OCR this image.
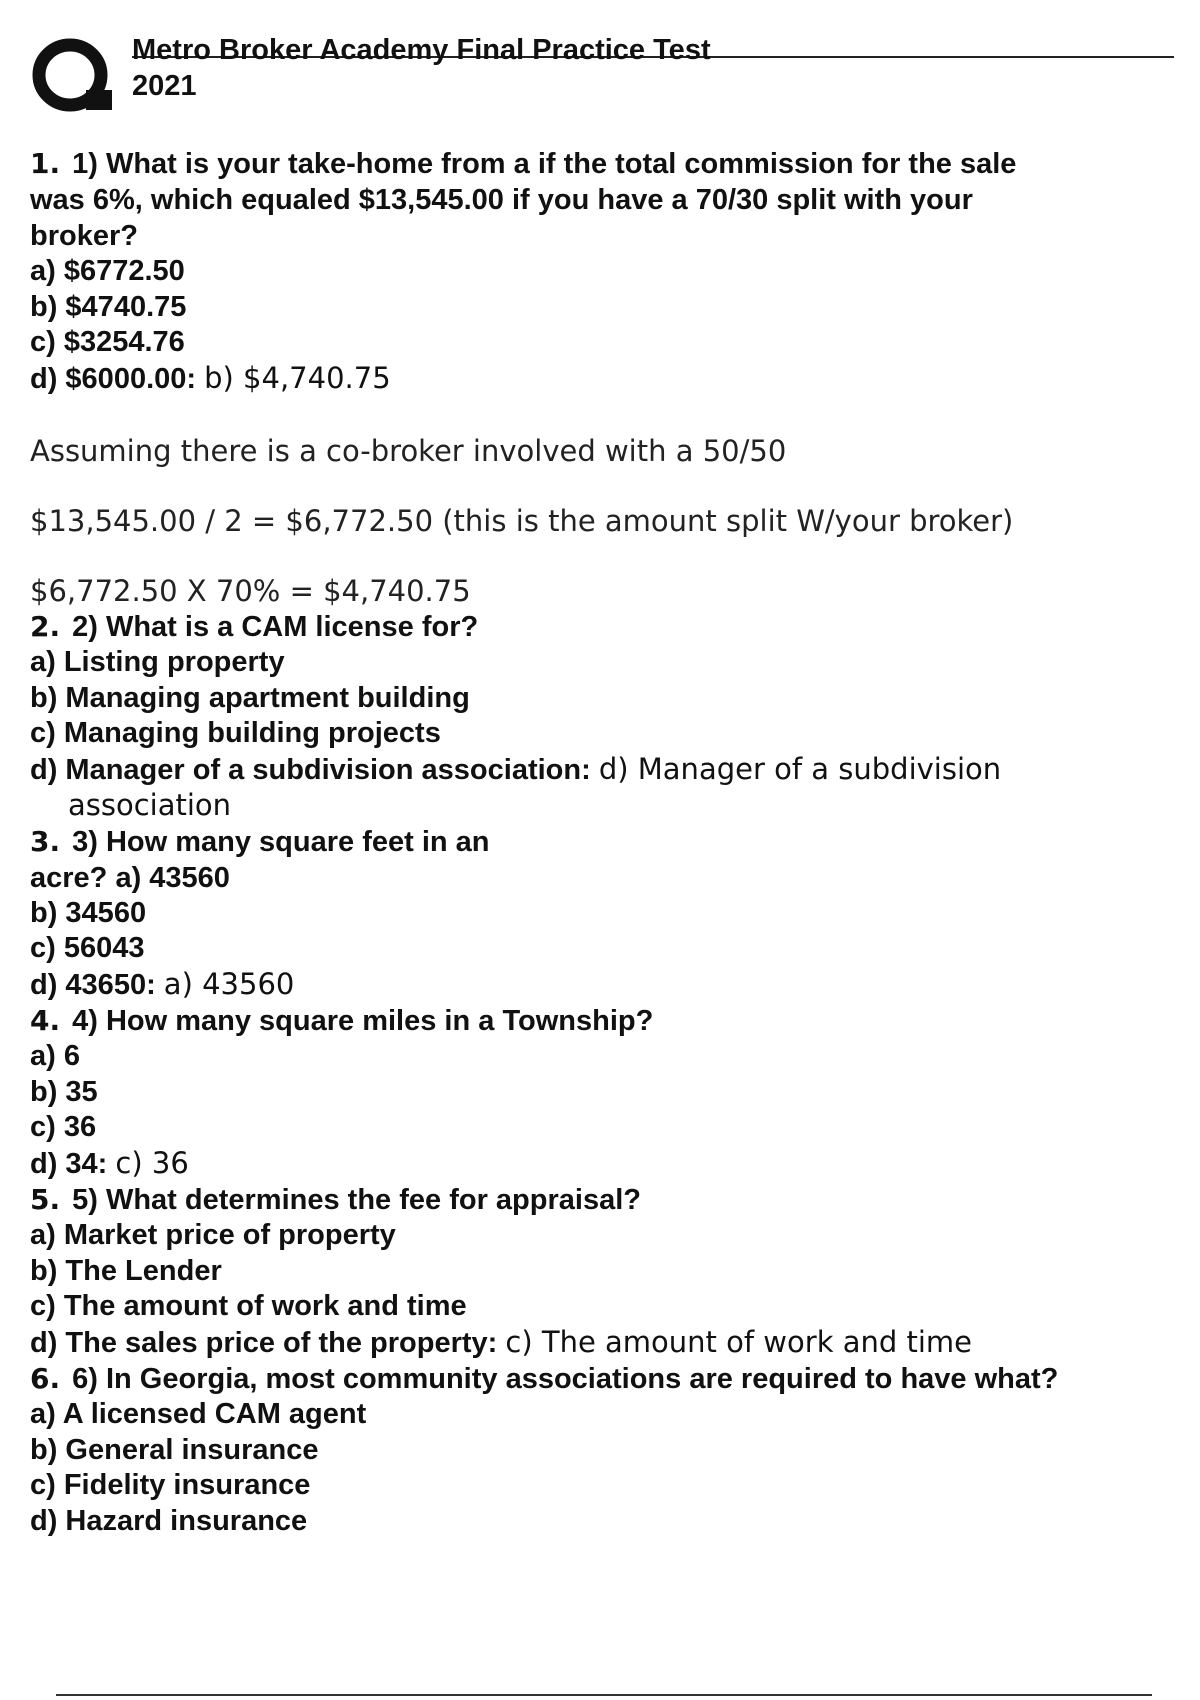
Metro Broker Academy Final Practice Test
2021

1. 1) What is your take-home from a if the total commission for the sale

was 6%, which equaled $13,545.00 if you have a 70/30 split with your

broker?

a) $6772.50

b) $4740.75

c) $3254.76

d) $6000.00: b) $4,740.75

Assuming there is a co-broker involved with a 50/50

$13,545.00 / 2 = $6,772.50 (this is the amount split W/your broker)

$6,772.50 X 70% = $4,740.75

2. 2) What is a CAM license for?

a) Listing property

b) Managing apartment building

c) Managing building projects

d) Manager of a subdivision association: d) Manager of a subdivision

association

3. 3) How many square feet in an

acre? a) 43560

b) 34560

c) 56043

d) 43650: a) 43560

4. 4) How many square miles in a Township?

a) 6

b) 35

c) 36

d) 34: c) 36

5. 5) What determines the fee for appraisal?

a) Market price of property

b) The Lender

c) The amount of work and time

d) The sales price of the property: c) The amount of work and time

6. 6) In Georgia, most community associations are required to have what?

a) A licensed CAM agent

b) General insurance

c) Fidelity insurance

d) Hazard insurance
